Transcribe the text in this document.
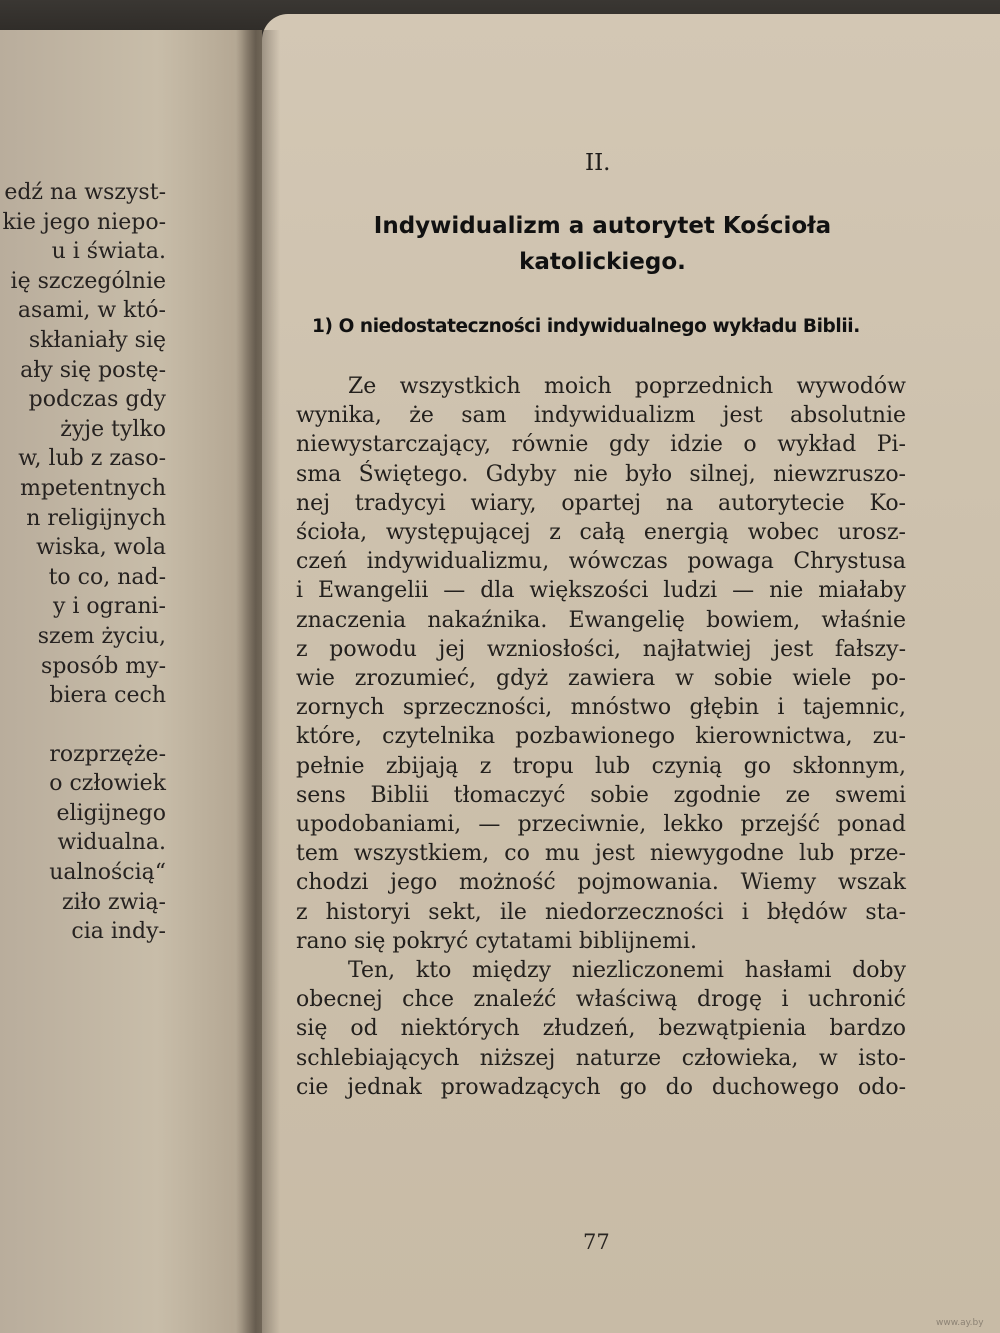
edź na wszyst-
kie jego niepo-
u i świata.
ię szczególnie
asami, w któ-
skłaniały się
ały się postę-
podczas gdy
żyje tylko
w, lub z zaso-
mpetentnych
n religijnych
wiska, wola
to co, nad-
y i ograni-
szem życiu,
sposób my-
biera cech
rozprzęże-
o człowiek
eligijnego
widualna.
ualnością“
ziło zwią-
cia indy-
II.
Indywidualizm a autorytet Kościoła
katolickiego.
1) O niedostateczności indywidualnego wykładu Biblii.
Ze wszystkich moich poprzednich wywodów
wynika, że sam indywidualizm jest absolutnie
niewystarczający, równie gdy idzie o wykład Pi-
sma Świętego. Gdyby nie było silnej, niewzruszo-
nej tradycyi wiary, opartej na autorytecie Ko-
ścioła, występującej z całą energią wobec urosz-
czeń indywidualizmu, wówczas powaga Chrystusa
i Ewangelii — dla większości ludzi — nie miałaby
znaczenia nakaźnika. Ewangelię bowiem, właśnie
z powodu jej wzniosłości, najłatwiej jest fałszy-
wie zrozumieć, gdyż zawiera w sobie wiele po-
zornych sprzeczności, mnóstwo głębin i tajemnic,
które, czytelnika pozbawionego kierownictwa, zu-
pełnie zbijają z tropu lub czynią go skłonnym,
sens Biblii tłomaczyć sobie zgodnie ze swemi
upodobaniami, — przeciwnie, lekko przejść ponad
tem wszystkiem, co mu jest niewygodne lub prze-
chodzi jego możność pojmowania. Wiemy wszak
z historyi sekt, ile niedorzeczności i błędów sta-
rano się pokryć cytatami biblijnemi.
Ten, kto między niezliczonemi hasłami doby
obecnej chce znaleźć właściwą drogę i uchronić
się od niektórych złudzeń, bezwątpienia bardzo
schlebiających niższej naturze człowieka, w isto-
cie jednak prowadzących go do duchowego odo-
77
www.ay.by
